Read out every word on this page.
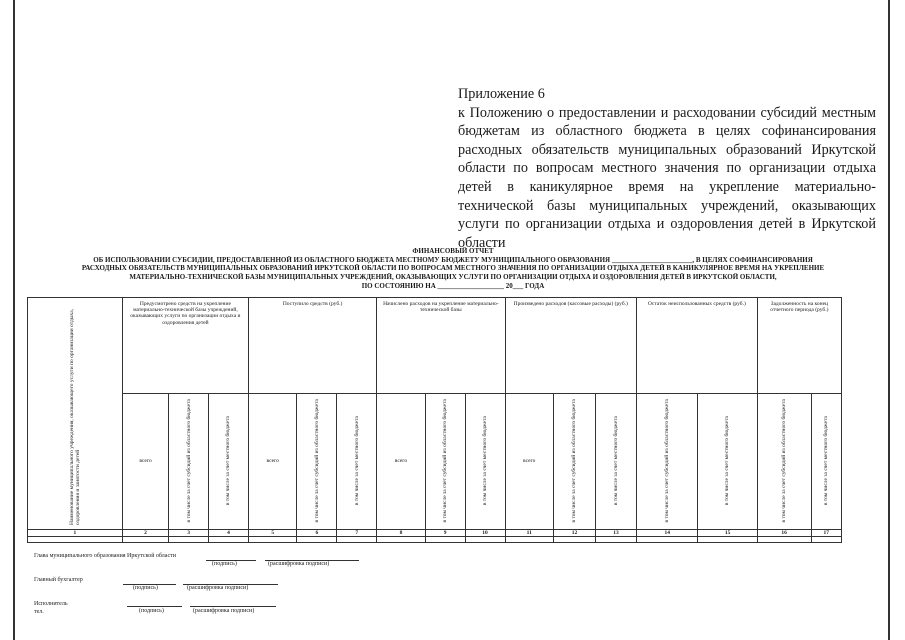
Приложение 6
к Положению о предоставлении и расходовании субсидий местным бюджетам из областного бюджета в целях софинансирования расходных обязательств муниципальных образований Иркутской области по вопросам местного значения по организации отдыха детей в каникулярное время на укрепление материально-технической базы муниципальных учреждений, оказывающих услуги по организации отдыха и оздоровления детей в Иркутской области
ФИНАНСОВЫЙ ОТЧЕТ
ОБ ИСПОЛЬЗОВАНИИ СУБСИДИИ, ПРЕДОСТАВЛЕННОЙ ИЗ ОБЛАСТНОГО БЮДЖЕТА МЕСТНОМУ БЮДЖЕТУ МУНИЦИПАЛЬНОГО ОБРАЗОВАНИЯ _______________________, В ЦЕЛЯХ СОФИНАНСИРОВАНИЯ
РАСХОДНЫХ ОБЯЗАТЕЛЬСТВ МУНИЦИПАЛЬНЫХ ОБРАЗОВАНИЙ ИРКУТСКОЙ ОБЛАСТИ ПО ВОПРОСАМ МЕСТНОГО ЗНАЧЕНИЯ ПО ОРГАНИЗАЦИИ ОТДЫХА ДЕТЕЙ В КАНИКУЛЯРНОЕ ВРЕМЯ НА УКРЕПЛЕНИЕ
МАТЕРИАЛЬНО-ТЕХНИЧЕСКОЙ БАЗЫ МУНИЦИПАЛЬНЫХ УЧРЕЖДЕНИЙ, ОКАЗЫВАЮЩИХ УСЛУГИ ПО ОРГАНИЗАЦИИ ОТДЫХА И ОЗДОРОВЛЕНИЯ ДЕТЕЙ В ИРКУТСКОЙ ОБЛАСТИ,
ПО СОСТОЯНИЮ НА ___________________ 20___ ГОДА
Наименование муниципального учреждения, оказывающего услуги по организации отдыха, оздоровления и занятости детей	Предусмотрено средств на укрепление материально-технической базы учреждений, оказывающих услуги по организации отдыха и оздоровления детей			Поступило средств (руб.)			Начислено расходов на укрепление материально-технической базы			Произведено расходов (кассовые расходы) (руб.)			Остаток неиспользованных средств (руб.)		Задолженность на конец отчетного периода (руб.)	
	всего	в том числе за счет субсидий из областного бюджета	в том числе за счет местного бюджета	всего	в том числе за счет субсидий из областного бюджета	в том числе за счет местного бюджета	всего	в том числе за счет субсидий из областного бюджета	в том числе за счет местного бюджета	всего	в том числе за счет субсидий из областного бюджета	в том числе за счет местного бюджета	в том числе за счет субсидий из областного бюджета	в том числе за счет местного бюджета	в том числе за счет субсидий из областного бюджета	в том числе за счет местного бюджета
1	2	3	4	5	6	7	8	9	10	11	12	13	14	15	16	17

Глава муниципального образования Иркутской области
(подпись)	(расшифровка подписи)
Главный бухгалтер
(подпись)	(расшифровка подписи)
Исполнитель
тел.	(подпись)	(расшифровка подписи)
